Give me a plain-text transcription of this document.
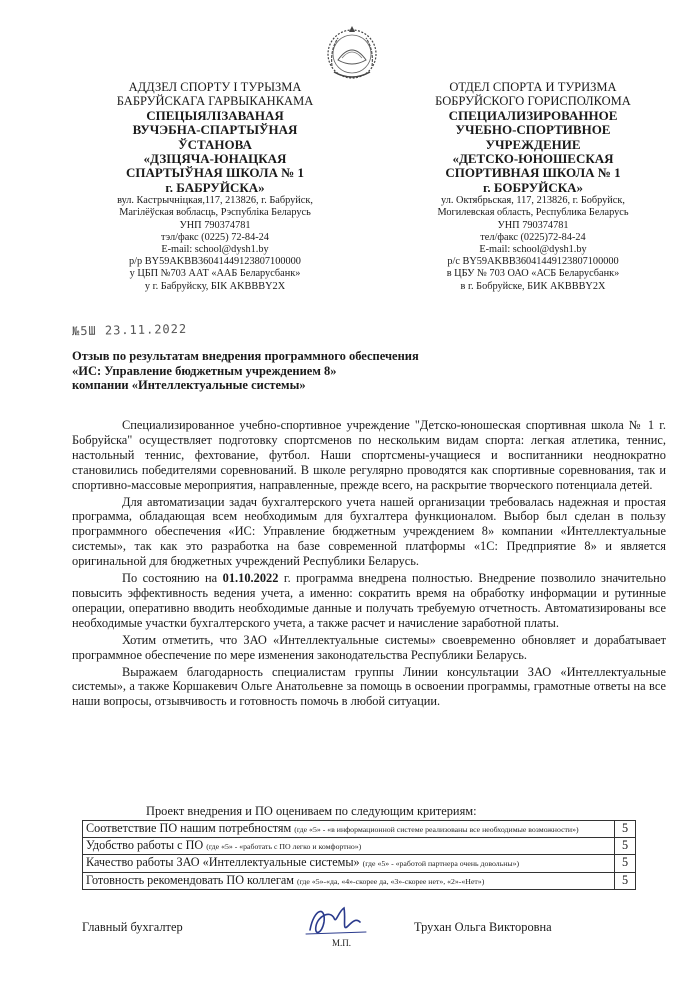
АДДЗЕЛ СПОРТУ І ТУРЫЗМА
БАБРУЙСКАГА ГАРВЫКАНКАМА
СПЕЦЫЯЛІЗАВАНАЯ
ВУЧЭБНА-СПАРТЫЎНАЯ
ЎСТАНОВА
«ДЗІЦЯЧА-ЮНАЦКАЯ
СПАРТЫЎНАЯ ШКОЛА № 1
г. БАБРУЙСКА»
вул. Кастрычніцкая,117, 213826, г. Бабруйск,
Магілёўская вобласць, Рэспубліка Беларусь
УНП 790374781
тэл/факс (0225) 72-84-24
E-mail: school@dysh1.by
р/р BY59AKBB36041449123807100000
у ЦБП №703 ААТ «ААБ Беларусбанк»
у г. Бабруйску, БІК AKBBBY2X
ОТДЕЛ СПОРТА И ТУРИЗМА
БОБРУЙСКОГО ГОРИСПОЛКОМА
СПЕЦИАЛИЗИРОВАННОЕ
УЧЕБНО-СПОРТИВНОЕ
УЧРЕЖДЕНИЕ
«ДЕТСКО-ЮНОШЕСКАЯ
СПОРТИВНАЯ ШКОЛА № 1
г. БОБРУЙСКА»
ул. Октябрьская, 117, 213826, г. Бобруйск,
Могилевская область, Республика Беларусь
УНП 790374781
тел/факс (0225)72-84-24
E-mail: school@dysh1.by
р/с BY59AKBB36041449123807100000
в ЦБУ № 703 ОАО «АСБ Беларусбанк»
в г. Бобруйске, БИК AKBBBY2X
№5Ш 23.11.2022
Отзыв по результатам внедрения программного обеспечения
«ИС: Управление бюджетным учреждением 8»
компании «Интеллектуальные системы»

Специализированное учебно-спортивное учреждение "Детско-юношеская спортивная школа № 1 г. Бобруйска" осуществляет подготовку спортсменов по нескольким видам спорта: легкая атлетика, теннис, настольный теннис, фехтование, футбол. Наши спортсмены-учащиеся и воспитанники неоднократно становились победителями соревнований. В школе регулярно проводятся как спортивные соревнования, так и спортивно-массовые мероприятия, направленные, прежде всего, на раскрытие творческого потенциала детей.

Для автоматизации задач бухгалтерского учета нашей организации требовалась надежная и простая программа, обладающая всем необходимым для бухгалтера функционалом. Выбор был сделан в пользу программного обеспечения «ИС: Управление бюджетным учреждением 8» компании «Интеллектуальные системы», так как это разработка на базе современной платформы «1С: Предприятие 8» и является оригинальной для бюджетных учреждений Республики Беларусь.

По состоянию на 01.10.2022 г. программа внедрена полностью. Внедрение позволило значительно повысить эффективность ведения учета, а именно: сократить время на обработку информации и рутинные операции, оперативно вводить необходимые данные и получать требуемую отчетность. Автоматизированы все необходимые участки бухгалтерского учета, а также расчет и начисление заработной платы.

Хотим отметить, что ЗАО «Интеллектуальные системы» своевременно обновляет и дорабатывает программное обеспечение по мере изменения законодательства Республики Беларусь.

Выражаем благодарность специалистам группы Линии консультации ЗАО «Интеллектуальные системы», а также Коршакевич Ольге Анатольевне за помощь в освоении программы, грамотные ответы на все наши вопросы, отзывчивость и готовность помочь в любой ситуации.

Проект внедрения и ПО оцениваем по следующим критериям:
Соответствие ПО нашим потребностям (где «5» - «в информационной системе реализованы все необходимые возможности»)	5
Удобство работы с ПО (где «5» - «работать с ПО легко и комфортно»)	5
Качество работы ЗАО «Интеллектуальные системы» (где «5» - «работой партнера очень довольны»)	5
Готовность рекомендовать ПО коллегам (где «5»-«да, «4»-скорее да, «3»-скорее нет», «2»-«Нет»)	5
Главный бухгалтер
М.П.
Трухан Ольга Викторовна
